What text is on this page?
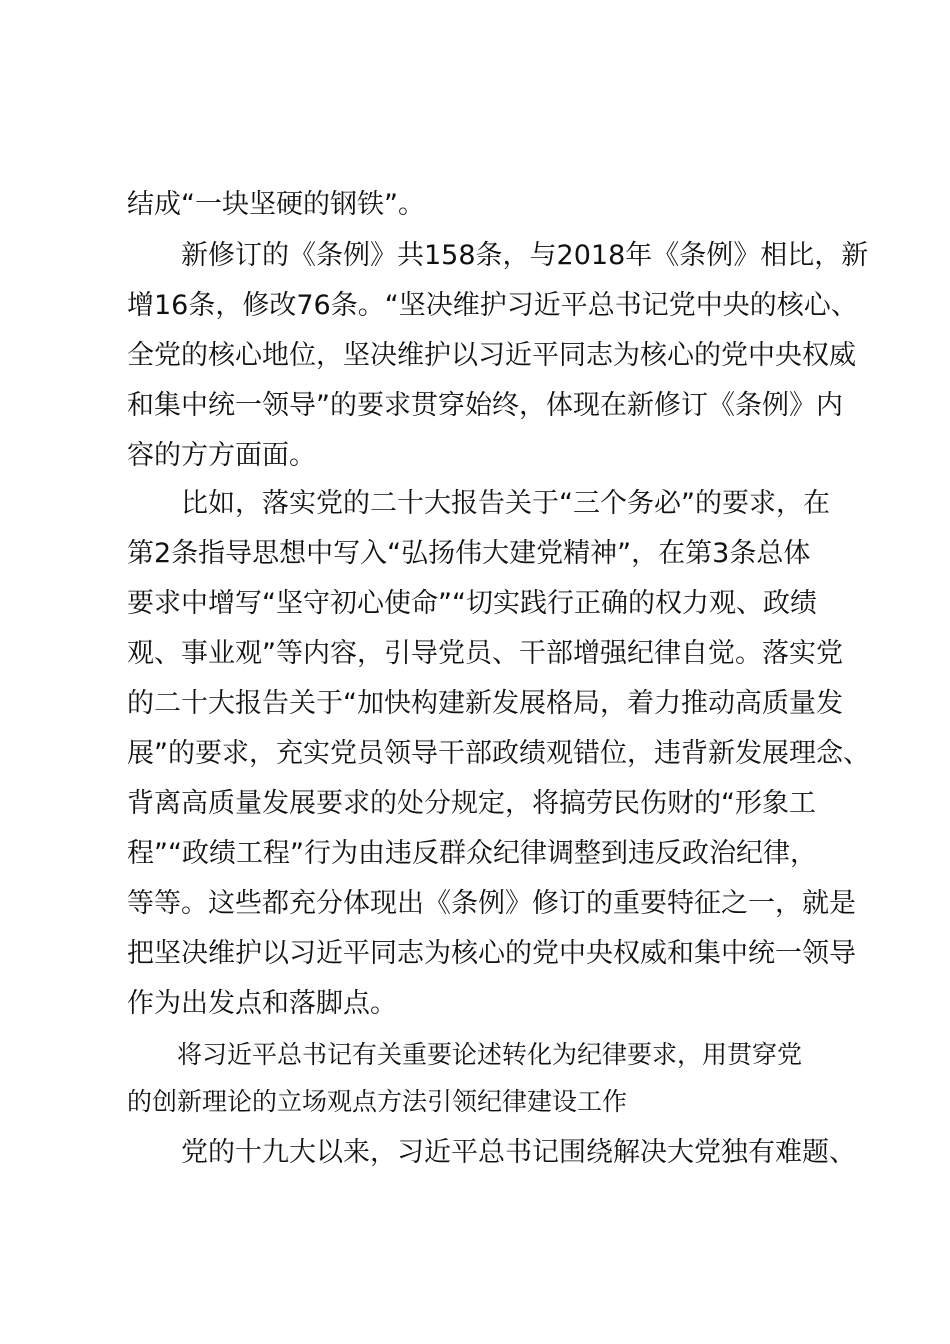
结成“一块坚硬的钢铁”。
新修订的《条例》共158条，与2018年《条例》相比，新
增16条，修改76条。“坚决维护习近平总书记党中央的核心、
全党的核心地位，坚决维护以习近平同志为核心的党中央权威
和集中统一领导”的要求贯穿始终，体现在新修订《条例》内
容的方方面面。
比如，落实党的二十大报告关于“三个务必”的要求，在
第2条指导思想中写入“弘扬伟大建党精神”，在第3条总体
要求中增写“坚守初心使命”“切实践行正确的权力观、政绩
观、事业观”等内容，引导党员、干部增强纪律自觉。落实党
的二十大报告关于“加快构建新发展格局，着力推动高质量发
展”的要求，充实党员领导干部政绩观错位，违背新发展理念、
背离高质量发展要求的处分规定，将搞劳民伤财的“形象工
程”“政绩工程”行为由违反群众纪律调整到违反政治纪律，
等等。这些都充分体现出《条例》修订的重要特征之一，就是
把坚决维护以习近平同志为核心的党中央权威和集中统一领导
作为出发点和落脚点。
将习近平总书记有关重要论述转化为纪律要求，用贯穿党
的创新理论的立场观点方法引领纪律建设工作
党的十九大以来，习近平总书记围绕解决大党独有难题、
